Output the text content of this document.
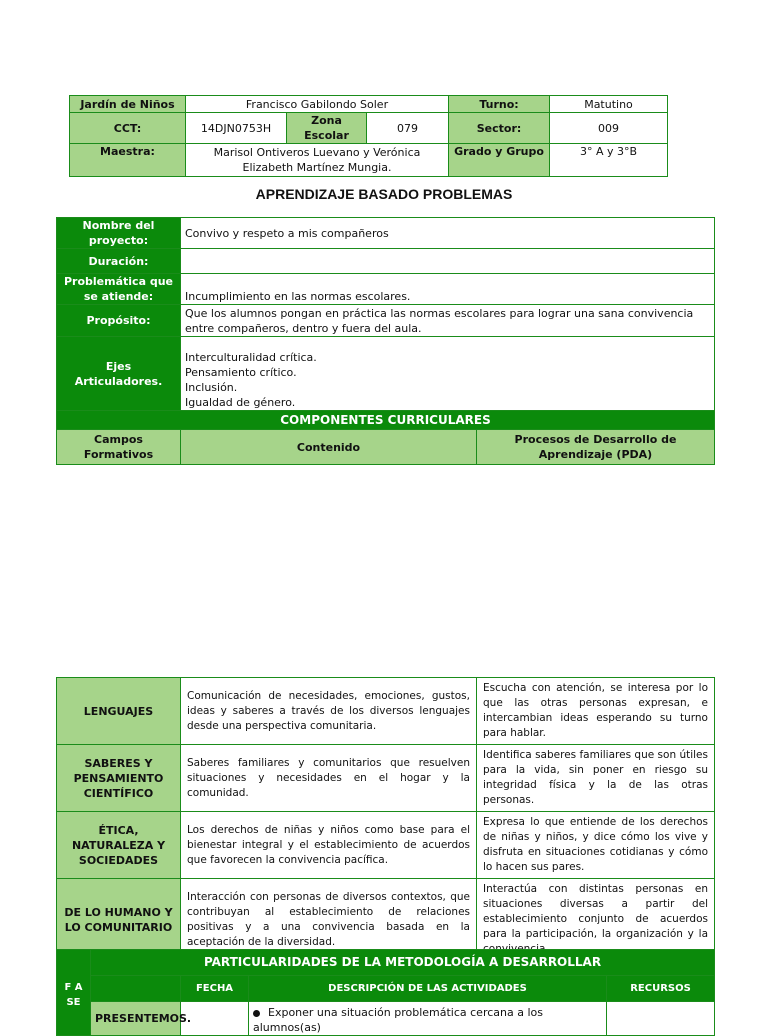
Jardín de Niños	Francisco Gabilondo Soler			Turno:	Matutino
CCT:	14DJN0753H	Zona Escolar	079	Sector:	009
Maestra:	Marisol Ontiveros Luevano y Verónica Elizabeth Martínez Mungia.			Grado y Grupo	3° A y 3°B
APRENDIZAJE BASADO PROBLEMAS
Nombre del proyecto:	Convivo y respeto a mis compañeros	
Duración:		
Problemática que se atiende:	Incumplimiento en las normas escolares.	
Propósito:	Que los alumnos pongan en práctica las normas escolares para lograr una sana convivencia entre compañeros, dentro y fuera del aula.	
Ejes Articuladores.	Interculturalidad crítica.
Pensamiento crítico.
Inclusión.
Igualdad de género.	

COMPONENTES CURRICULARES		
Campos Formativos	Contenido	Procesos de Desarrollo de Aprendizaje (PDA)
LENGUAJES	Comunicación de necesidades, emociones, gustos, ideas y saberes a través de los diversos lenguajes desde una perspectiva comunitaria.	Escucha con atención, se interesa por lo que las otras personas expresan, e intercambian ideas esperando su turno para hablar.
SABERES Y PENSAMIENTO CIENTÍFICO	Saberes familiares y comunitarios que resuelven situaciones y necesidades en el hogar y la comunidad.	Identifica saberes familiares que son útiles para la vida, sin poner en riesgo su integridad física y la de las otras personas.
ÉTICA, NATURALEZA Y SOCIEDADES	Los derechos de niñas y niños como base para el bienestar integral y el establecimiento de acuerdos que favorecen la convivencia pacífica.	Expresa lo que entiende de los derechos de niñas y niños, y dice cómo los vive y disfruta en situaciones cotidianas y cómo lo hacen sus pares.
DE LO HUMANO Y LO COMUNITARIO	Interacción con personas de diversos contextos, que contribuyan al establecimiento de relaciones positivas y a una convivencia basada en la aceptación de la diversidad.	Interactúa con distintas personas en situaciones diversas a partir del establecimiento conjunto de acuerdos para la participación, la organización y la
F A SE	PARTICULARIDADES DE LA METODOLOGÍA A DESARROLLAR			
		FECHA	DESCRIPCIÓN DE LAS ACTIVIDADES	RECURSOS
	PRESENTEMOS.		Exponer una situación problemática cercana a los alumnos(as)	
